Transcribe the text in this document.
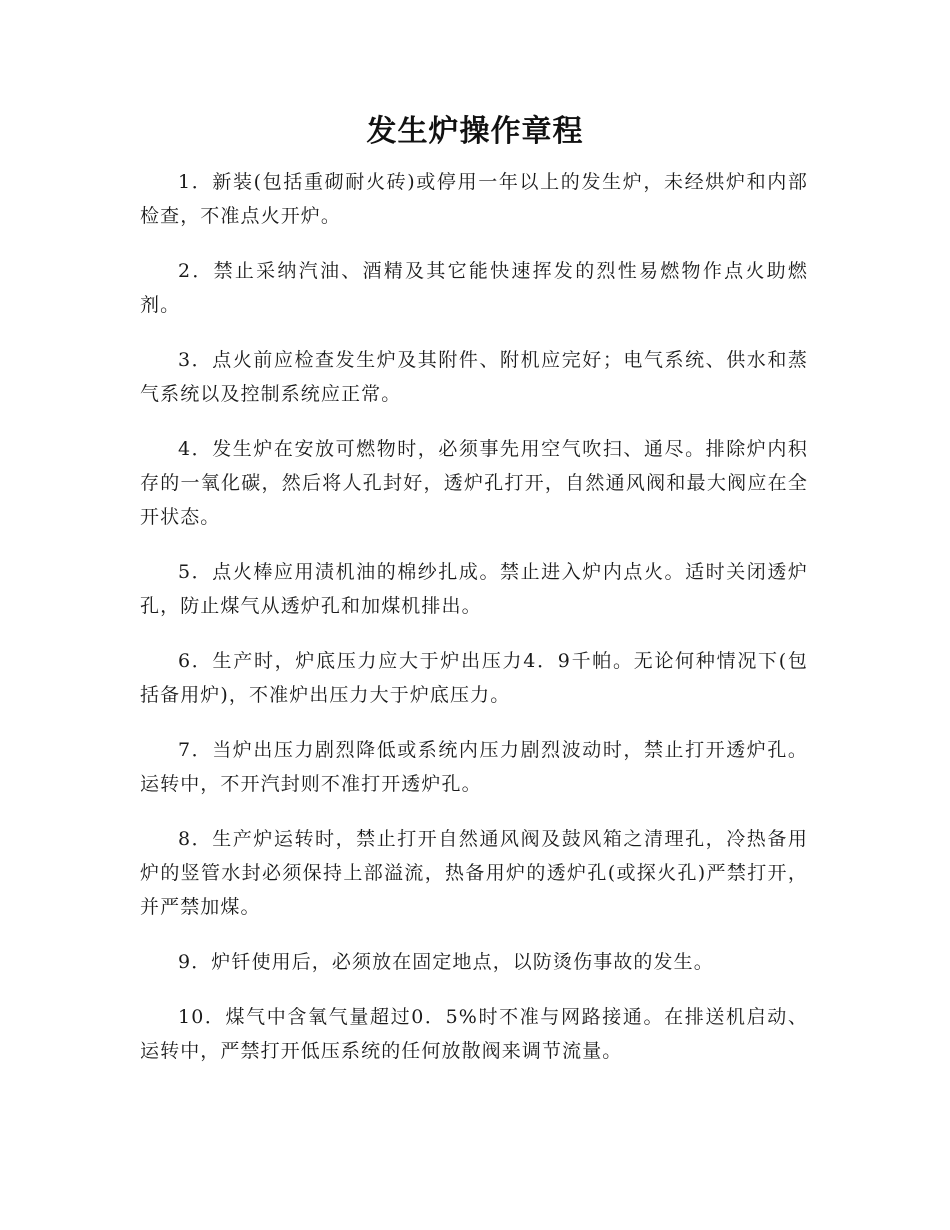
发生炉操作章程

1．新装(包括重砌耐火砖)或停用一年以上的发生炉，未经烘炉和内部检查，不准点火开炉。

2．禁止采纳汽油、酒精及其它能快速挥发的烈性易燃物作点火助燃剂。

3．点火前应检查发生炉及其附件、附机应完好；电气系统、供水和蒸气系统以及控制系统应正常。

4．发生炉在安放可燃物时，必须事先用空气吹扫、通尽。排除炉内积存的一氧化碳，然后将人孔封好，透炉孔打开，自然通风阀和最大阀应在全开状态。

5．点火棒应用渍机油的棉纱扎成。禁止进入炉内点火。适时关闭透炉孔，防止煤气从透炉孔和加煤机排出。

6．生产时，炉底压力应大于炉出压力4．9千帕。无论何种情况下(包括备用炉)，不准炉出压力大于炉底压力。

7．当炉出压力剧烈降低或系统内压力剧烈波动时，禁止打开透炉孔。运转中，不开汽封则不准打开透炉孔。

8．生产炉运转时，禁止打开自然通风阀及鼓风箱之清理孔，冷热备用炉的竖管水封必须保持上部溢流，热备用炉的透炉孔(或探火孔)严禁打开，并严禁加煤。

9．炉钎使用后，必须放在固定地点，以防烫伤事故的发生。

10．煤气中含氧气量超过0．5%时不准与网路接通。在排送机启动、运转中，严禁打开低压系统的任何放散阀来调节流量。
